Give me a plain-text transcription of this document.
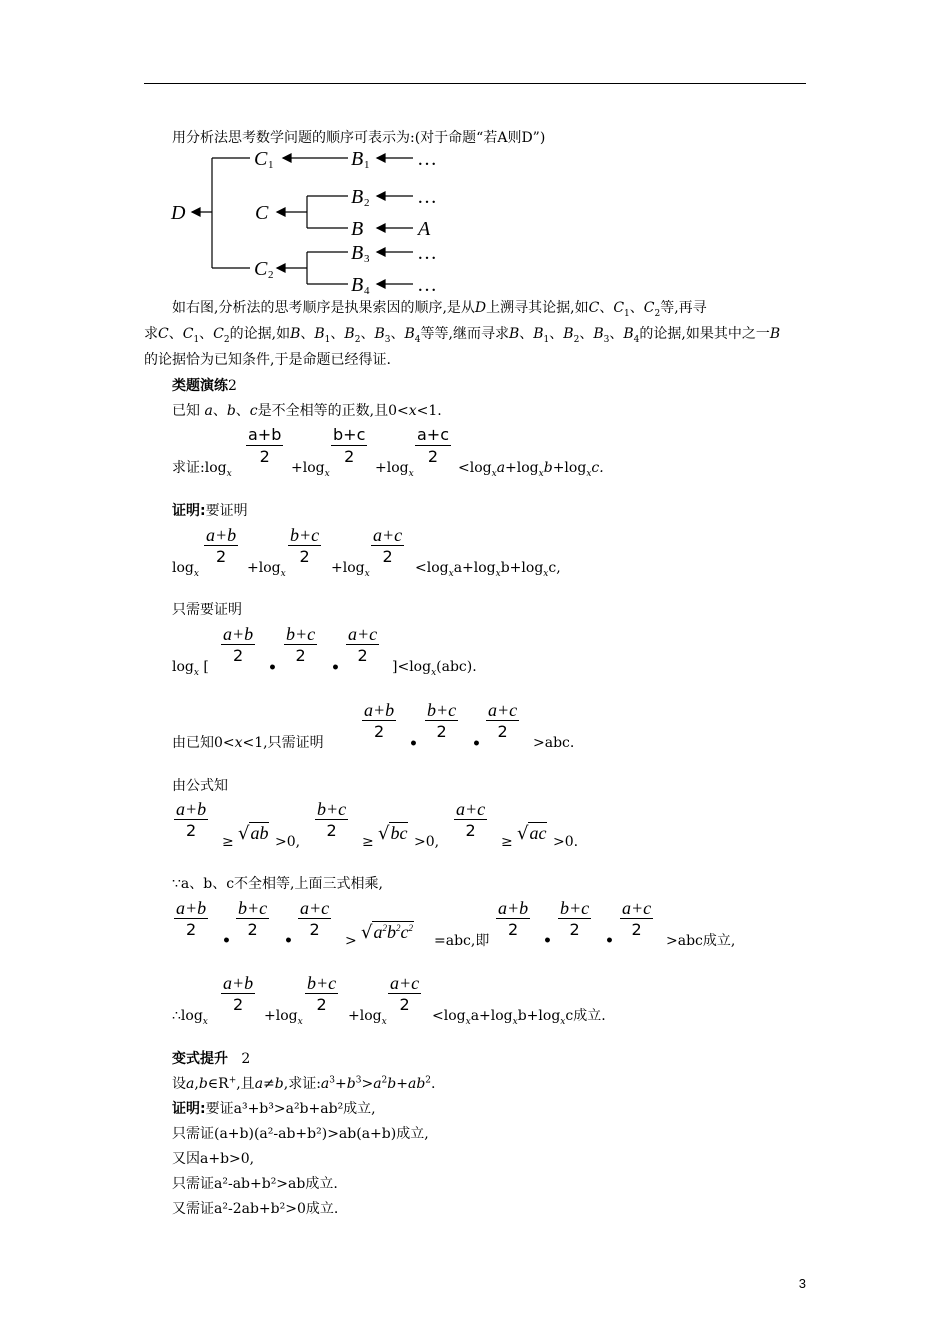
用分析法思考数学问题的顺序可表示为:(对于命题“若A则D”)
D	C
C 1
C 2
B 1
B 2
B
B 3
B 4
A
…
…
…
…
如右图,分析法的思考顺序是执果索因的顺序,是从D上溯寻其论据,如C、$C_1$、$C_2$等,再寻
求C、$C_1$、$C_2$的论据,如B、$B_1$、$B_2$、$B_3$、$B_4$等等,继而寻求B、$B_1$、$B_2$、$B_3$、$B_4$的论据,如果其中之一B
的论据恰为已知条件,于是命题已经得证.
类题演练2
已知 a、b、c是不全相等的正数,且0<x<1.
a+b
2
b+c
2
a+c
2
求证$:\log_x$	$+\log_x$	$+\log_x$	$<\log_xa+\log_xb+\log_xc$.
证明:要证明
a+b
2
b+c
2
a+c
2
$\log_x$	$+\log_x$	$+\log_x$	$<\log_xa+\log_xb+\log_xc$,
只需要证明
a+b
2
•
b+c
2
•
a+c
2
$\log_x$ [	]$<\log_x(abc)$.
a+b
2
•
b+c
2
•
a+c
2
由已知0<x<1,只需证明	>abc.
由公式知
a+b
2
≥ √ab >0,
b+c
2
≥ √bc >0,
a+c
2
≥ √ac >0.
∵a、b、c不全相等,上面三式相乘,
a+b
2
•
b+c
2
•
a+c
2
> $√a^2b^2c^2$
=abc,即
a+b
2
•
b+c
2
•
a+c
2
>abc成立,
a+b
2
b+c
2
a+c
2
$\therefore\log_x$	$+\log_x$	$+\log_x$	$<\log_xa+\log_xb+\log_xc$成立.
变式提升 2
设a,b∈R+,且a≠b,求证$:a^3+b^3>a^2b+ab^2$.
证明:要证a³+b³>a²b+ab²成立,
只需证(a+b)(a²-ab+b²)>ab(a+b)成立,
又因a+b>0,
只需证a²-ab+b²>ab成立.
又需证a²-2ab+b²>0成立.
3
